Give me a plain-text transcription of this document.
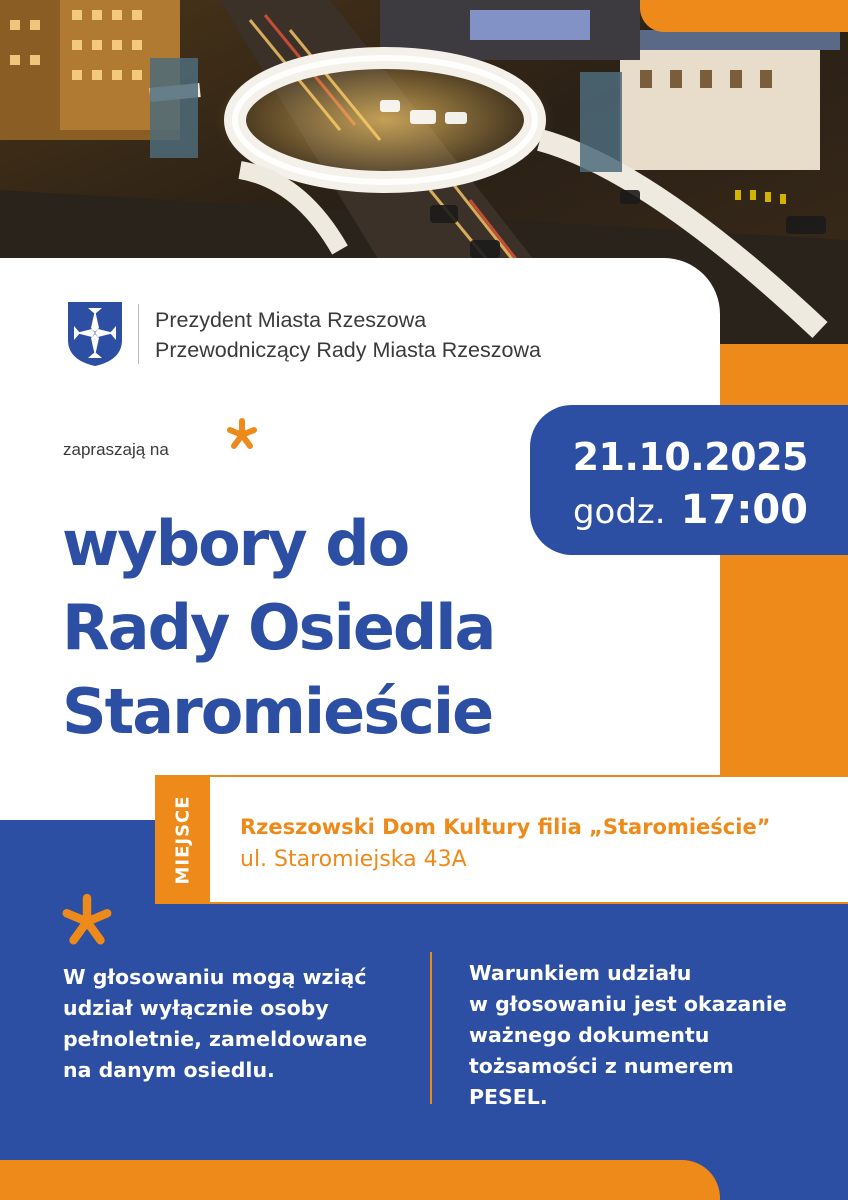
Prezydent Miasta Rzeszowa
Przewodniczący Rady Miasta Rzeszowa
zapraszają na	21.10.2025
godz. 17:00
wybory do
Rady Osiedla
Staromieście
MIEJSCE Rzeszowski Dom Kultury filia „Staromieście”
ul. Staromiejska 43A
W głosowaniu mogą wziąć
udział wyłącznie osoby
pełnoletnie, zameldowane
na danym osiedlu.
Warunkiem udziału
w głosowaniu jest okazanie
ważnego dokumentu
tożsamości z numerem
PESEL.
